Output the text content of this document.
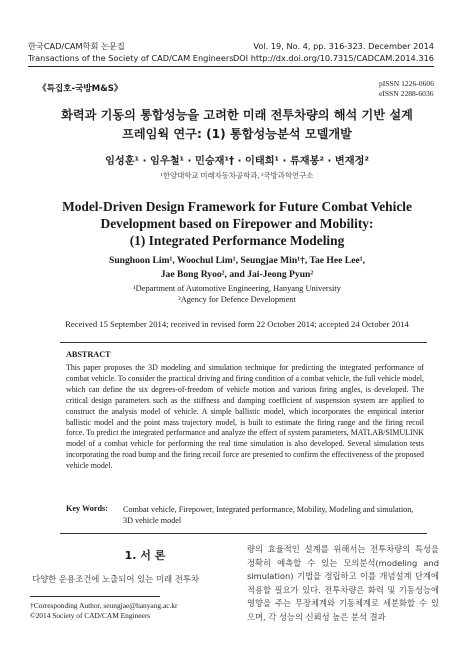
한국CAD/CAM학회 논문집
Transactions of the Society of CAD/CAM Engineers
Vol. 19, No. 4, pp. 316-323. December 2014
DOI http://dx.doi.org/10.7315/CADCAM.2014.316
《특집호-국방M&S》
pISSN 1226-0606
eISSN 2288-6036
화력과 기동의 통합성능을 고려한 미래 전투차량의 해석 기반 설계
프레임웍 연구: (1) 통합성능분석 모델개발
임성훈¹ · 임우철¹ · 민승재¹† · 이태희¹ · 류재봉² · 변재정²
¹한양대학교 미래자동차공학과, ²국방과학연구소
Model-Driven Design Framework for Future Combat Vehicle
Development based on Firepower and Mobility:
(1) Integrated Performance Modeling
Sunghoon Lim¹, Woochul Lim¹, Seungjae Min¹†, Tae Hee Lee¹,
Jae Bong Ryoo², and Jai-Jeong Pyun²
¹Department of Automotive Engineering, Hanyang University
²Agency for Defence Development
Received 15 September 2014; received in revised form 22 October 2014; accepted 24 October 2014
ABSTRACT
This paper proposes the 3D modeling and simulation technique for predicting the integrated performance of combat vehicle. To consider the practical driving and firing condition of a combat vehicle, the full vehicle model, which can define the six degrees-of-freedom of vehicle motion and various firing angles, is developed. The critical design parameters such as the stiffness and damping coefficient of suspension system are applied to construct the analysis model of vehicle. A simple ballistic model, which incorporates the empirical interior ballistic model and the point mass trajectory model, is built to estimate the firing range and the firing recoil force. To predict the integrated performance and analyze the effect of system parameters, MATLAB/SIMULINK model of a combat vehicle for performing the real time simulation is also developed. Several simulation tests incorporating the road bump and the firing recoil force are presented to confirm the effectiveness of the proposed vehicle model.
Key Words: Combat vehicle, Firepower, Integrated performance, Mobility, Modeling and simulation, 3D vehicle model
1. 서 론
다양한 운용조건에 노출되어 있는 미래 전투차
†Corresponding Author, seungjae@hanyang.ac.kr
©2014 Society of CAD/CAM Engineers
량의 효율적인 설계를 위해서는 전투차량의 특성을 정확히 예측할 수 있는 모의분석(modeling and simulation) 기법을 정립하고 이를 개념설계 단계에 적용할 필요가 있다. 전투차량은 화력 및 기동성능에 영향을 주는 무장체계와 기동체계로 세분화할 수 있으며, 각 성능의 신뢰성 높은 분석 결과
